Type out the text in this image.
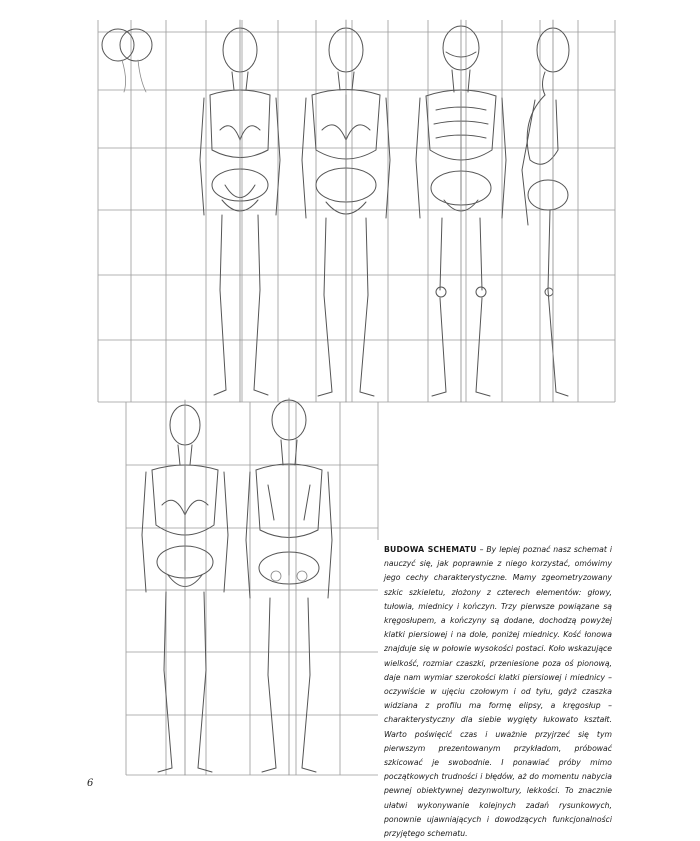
BUDOWA SCHEMATU – By lepiej poznać nasz schemat i nauczyć się, jak poprawnie z niego korzystać, omówimy jego cechy charakterystyczne. Mamy zgeometryzowany szkic szkieletu, złożony z czterech elementów: głowy, tułowia, miednicy i kończyn. Trzy pierwsze powiązane są kręgosłupem, a kończyny są dodane, dochodzą powyżej klatki piersiowej i na dole, poniżej miednicy. Kość łonowa znajduje się w połowie wysokości postaci. Koło wskazujące wielkość, rozmiar czaszki, przeniesione poza oś pionową, daje nam wymiar szerokości klatki piersiowej i miednicy – oczywiście w ujęciu czołowym i od tyłu, gdyż czaszka widziana z profilu ma formę elipsy, a kręgosłup – charakterystyczny dla siebie wygięty łukowato kształt. Warto poświęcić czas i uważnie przyjrzeć się tym pierwszym prezentowanym przykładom, próbować szkicować je swobodnie. I ponawiać próby mimo początkowych trudności i błędów, aż do momentu nabycia pewnej obiektywnej dezynwoltury, lekkości. To znacznie ułatwi wykonywanie kolejnych zadań rysunkowych, ponownie ujawniających i dowodzących funkcjonalności przyjętego schematu.

6
